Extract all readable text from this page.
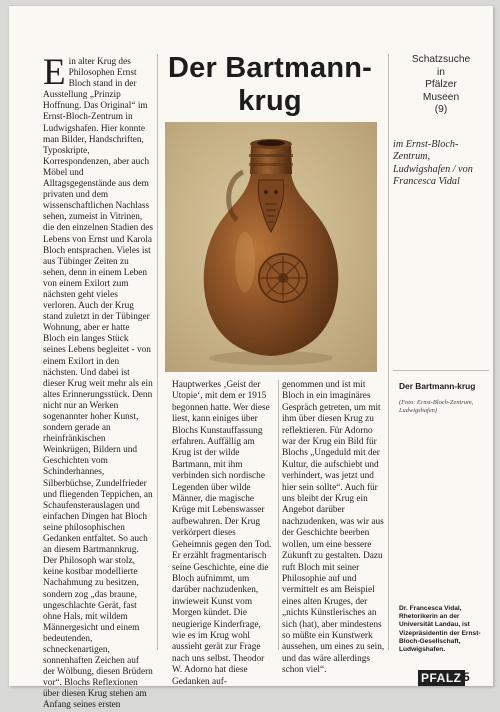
Ein alter Krug des Philosophen Ernst Bloch stand in der Ausstellung „Prinzip Hoffnung. Das Original“ im Ernst-Bloch-Zentrum in Ludwigshafen. Hier konnte man Bilder, Handschriften, Typoskripte, Korrespondenzen, aber auch Möbel und Alltagsgegenstände aus dem privaten und dem wissenschaftlichen Nachlass sehen, zumeist in Vitrinen, die den einzelnen Stadien des Lebens von Ernst und Karola Bloch entsprachen. Vieles ist aus Tübinger Zeiten zu sehen, denn in einem Leben von einem Exilort zum nächsten geht vieles verloren. Auch der Krug stand zuletzt in der Tübinger Wohnung, aber er hatte Bloch ein langes Stück seines Lebens begleitet - von einem Exilort in den nächsten. Und dabei ist dieser Krug weit mehr als ein altes Erinnerungsstück. Denn nicht nur an Werken sogenannter hoher Kunst, sondern gerade an rheinfränkischen Weinkrügen, Bildern und Geschichten vom Schinderhannes, Silberbüchse, Zundelfrieder und fliegenden Teppichen, an Schaufensterauslagen und einfachen Dingen hat Bloch seine philosophischen Gedanken entfaltet. So auch an diesem Bartmannkrug. Der Philosoph war stolz, keine kostbar modellierte Nachahmung zu besitzen, sondern zog „das braune, ungeschlachte Gerät, fast ohne Hals, mit wildem Männergesicht und einem bedeutenden, schneckenartigen, sonnenhaften Zeichen auf der Wölbung, diesen Brüdern vor“. Blochs Reflexionen über diesen Krug stehen am Anfang seines ersten
Der Bartmann-
krug
Hauptwerkes ‚Geist der Utopie‘, mit dem er 1915 begonnen hatte. Wer diese liest, kann einiges über Blochs Kunstauffassung erfahren. Auffällig am Krug ist der wilde Bartmann, mit ihm verbinden sich nordische Legenden über wilde Männer, die magische Krüge mit Lebenswasser aufbewahren. Der Krug verkörpert dieses Geheimnis gegen den Tod. Er erzählt fragmentarisch seine Geschichte, eine die Bloch aufnimmt, um darüber nachzudenken, inwieweit Kunst vom Morgen kündet. Die neugierige Kinderfrage, wie es im Krug wohl aussieht gerät zur Frage nach uns selbst. Theodor W. Adorno hat diese Gedanken auf-
genommen und ist mit Bloch in ein imaginäres Gespräch getreten, um mit ihm über diesen Krug zu reflektieren. Für Adorno war der Krug ein Bild für Blochs „Ungeduld mit der Kultur, die aufschiebt und verhindert, was jetzt und hier sein sollte“. Auch für uns bleibt der Krug ein Angebot darüber nachzudenken, was wir aus der Geschichte beerben wollen, um eine bessere Zukunft zu gestalten. Dazu ruft Bloch mit seiner Philosophie auf und vermittelt es am Beispiel eines alten Kruges, der „nichts Künstlerisches an sich (hat), aber mindestens so müßte ein Kunstwerk aussehen, um eines zu sein, und das wäre allerdings schon viel“.
Schatzsuche
in
Pfälzer
Museen
(9)
im Ernst-Bloch-Zentrum, Ludwigshafen / von Francesca Vidal
Der Bartmann-krug
(Foto: Ernst-Bloch-Zentrum, Ludwigshafen)
Dr. Francesca Vidal, Rhetorikerin an der Universität Landau, ist Vizepräsidentin der Ernst-Bloch-Gesellschaft, Ludwigshafen.
PFALZ 5
